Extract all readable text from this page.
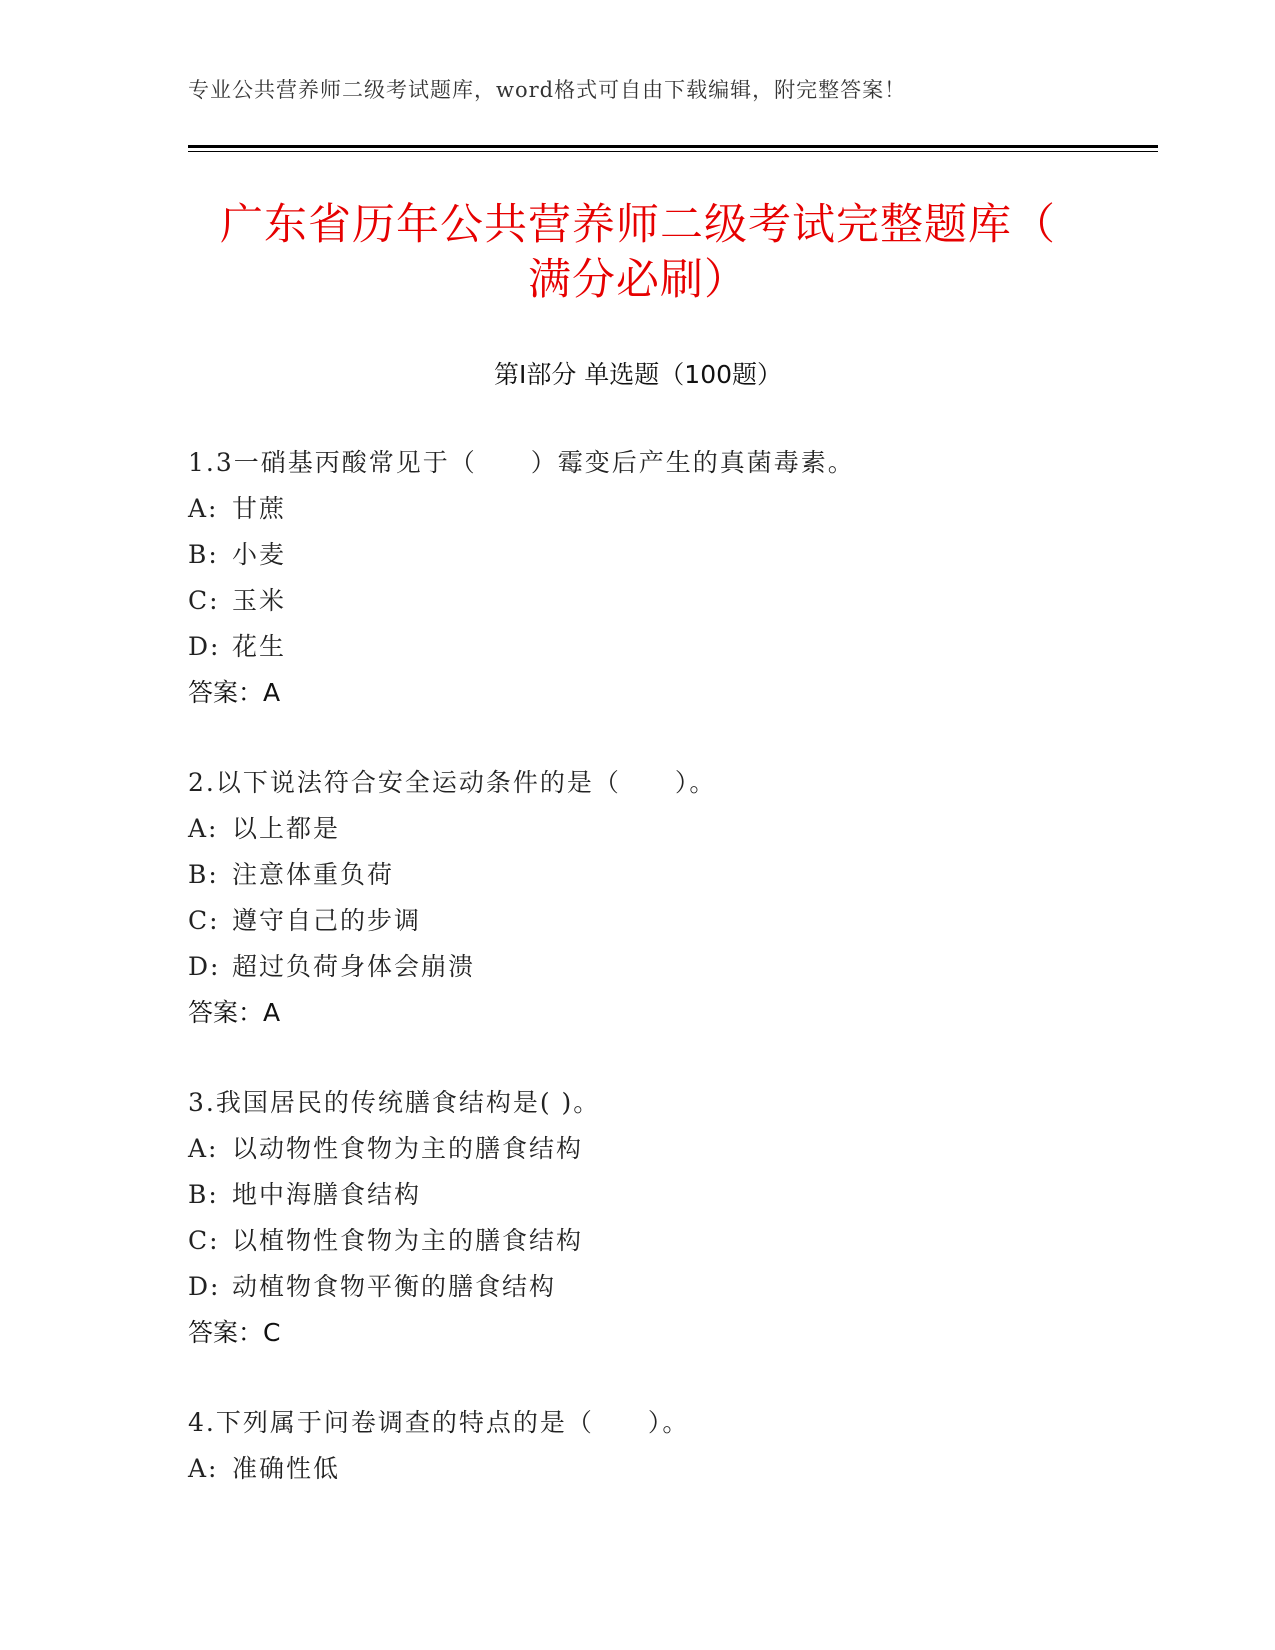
专业公共营养师二级考试题库，word格式可自由下载编辑，附完整答案！
广东省历年公共营养师二级考试完整题库（
满分必刷）
第Ⅰ部分 单选题（100题）
1.3一硝基丙酸常见于（　　）霉变后产生的真菌毒素。
A: 甘蔗
B: 小麦
C: 玉米
D: 花生
答案：A
2.以下说法符合安全运动条件的是（　　）。
A: 以上都是
B: 注意体重负荷
C: 遵守自己的步调
D: 超过负荷身体会崩溃
答案：A
3.我国居民的传统膳食结构是( )。
A: 以动物性食物为主的膳食结构
B: 地中海膳食结构
C: 以植物性食物为主的膳食结构
D: 动植物食物平衡的膳食结构
答案：C
4.下列属于问卷调查的特点的是（　　）。
A: 准确性低
